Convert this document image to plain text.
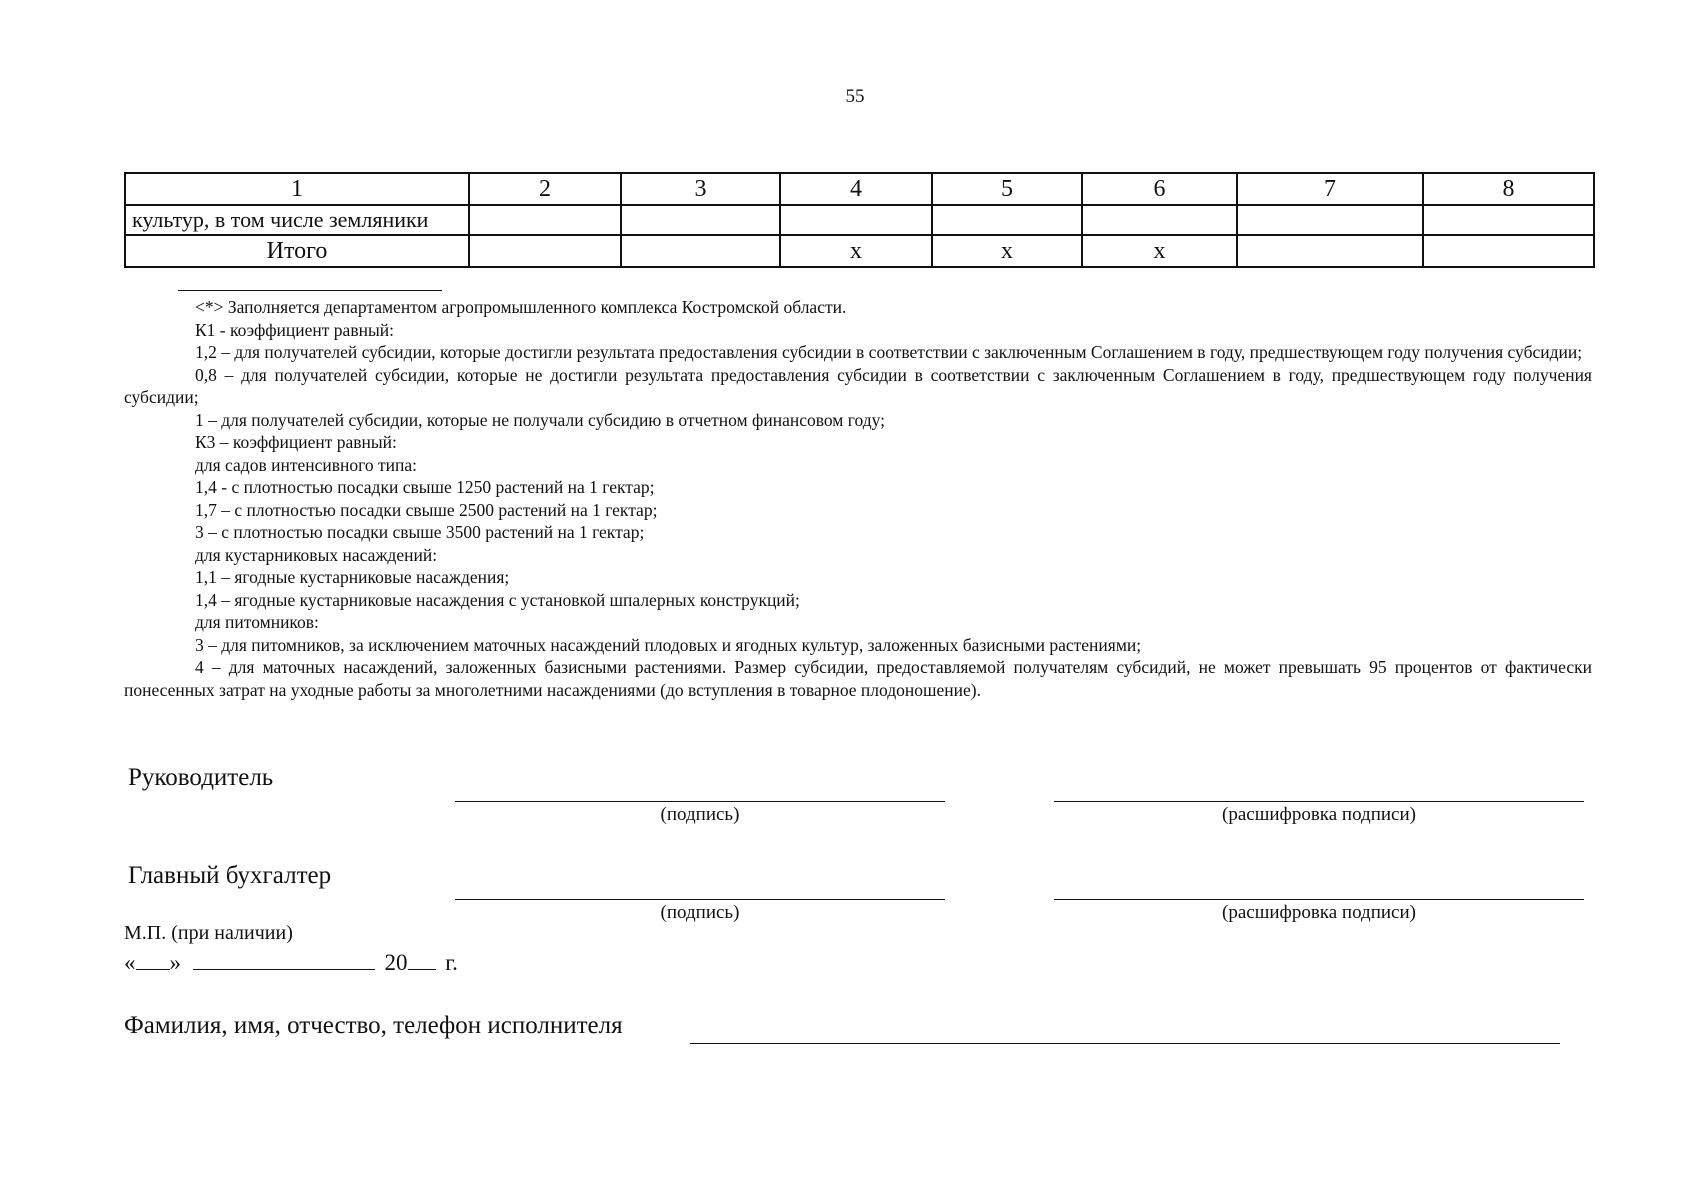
55
1	2	3	4	5	6	7	8
культур, в том числе земляники							
Итого			х	х	х		

<*> Заполняется департаментом агропромышленного комплекса Костромской области.

К1 - коэффициент равный:

1,2 – для получателей субсидии, которые достигли результата предоставления субсидии в соответствии с заключенным Соглашением в году, предшествующем году получения субсидии;

0,8 – для получателей субсидии, которые не достигли результата предоставления субсидии в соответствии с заключенным Соглашением в году, предшествующем году получения субсидии;

1 – для получателей субсидии, которые не получали субсидию в отчетном финансовом году;

К3 – коэффициент равный:

для садов интенсивного типа:

1,4 - с плотностью посадки свыше 1250 растений на 1 гектар;

1,7 – с плотностью посадки свыше 2500 растений на 1 гектар;

3 – с плотностью посадки свыше 3500 растений на 1 гектар;

для кустарниковых насаждений:

1,1 – ягодные кустарниковые насаждения;

1,4 – ягодные кустарниковые насаждения с установкой шпалерных конструкций;

для питомников:

3 – для питомников, за исключением маточных насаждений плодовых и ягодных культур, заложенных базисными растениями;

4 – для маточных насаждений, заложенных базисными растениями. Размер субсидии, предоставляемой получателям субсидий, не может превышать 95 процентов от фактически понесенных затрат на уходные работы за многолетними насаждениями (до вступления в товарное плодоношение).

Руководитель
(подпись)	(расшифровка подписи)
Главный бухгалтер
(подпись)	(расшифровка подписи)
М.П. (при наличии)
« »	20 г.
Фамилия, имя, отчество, телефон исполнителя
